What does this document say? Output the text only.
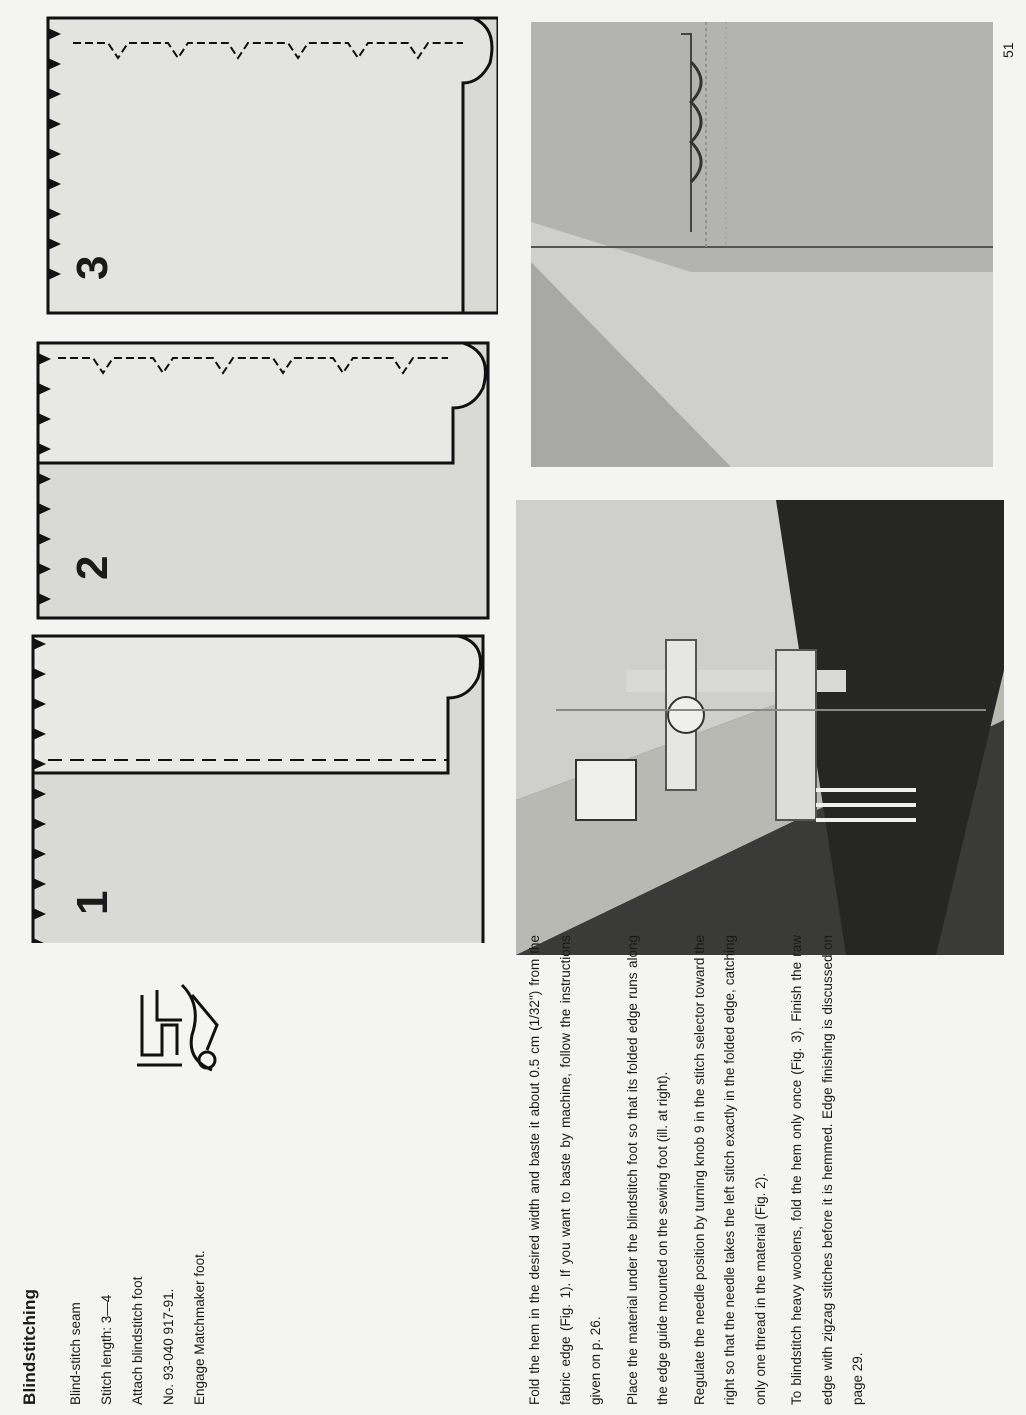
1
2
3
Blindstitching	Blind-stitch seam	Stitch length: 3—4	Attach blindstitch foot	No. 93-040 917-91.	Engage Matchmaker foot.	Fold the hem in the desired width and baste it about 0.5 cm (1/32") from the fabric edge (Fig. 1). If you want to baste by machine, follow the instructions given on p. 26.	Place the material under the blindstitch foot so that its folded edge runs along the edge guide mounted on the sewing foot (ill. at right).	Regulate the needle position by turning knob 9 in the stitch selector toward the right so that the needle takes the left stitch exactly in the folded edge, catching only one thread in the material (Fig. 2).	To blindstitch heavy woolens, fold the hem only once (Fig. 3). Finish the raw edge with zigzag stitches before it is hemmed. Edge finishing is discussed on page 29.

51
